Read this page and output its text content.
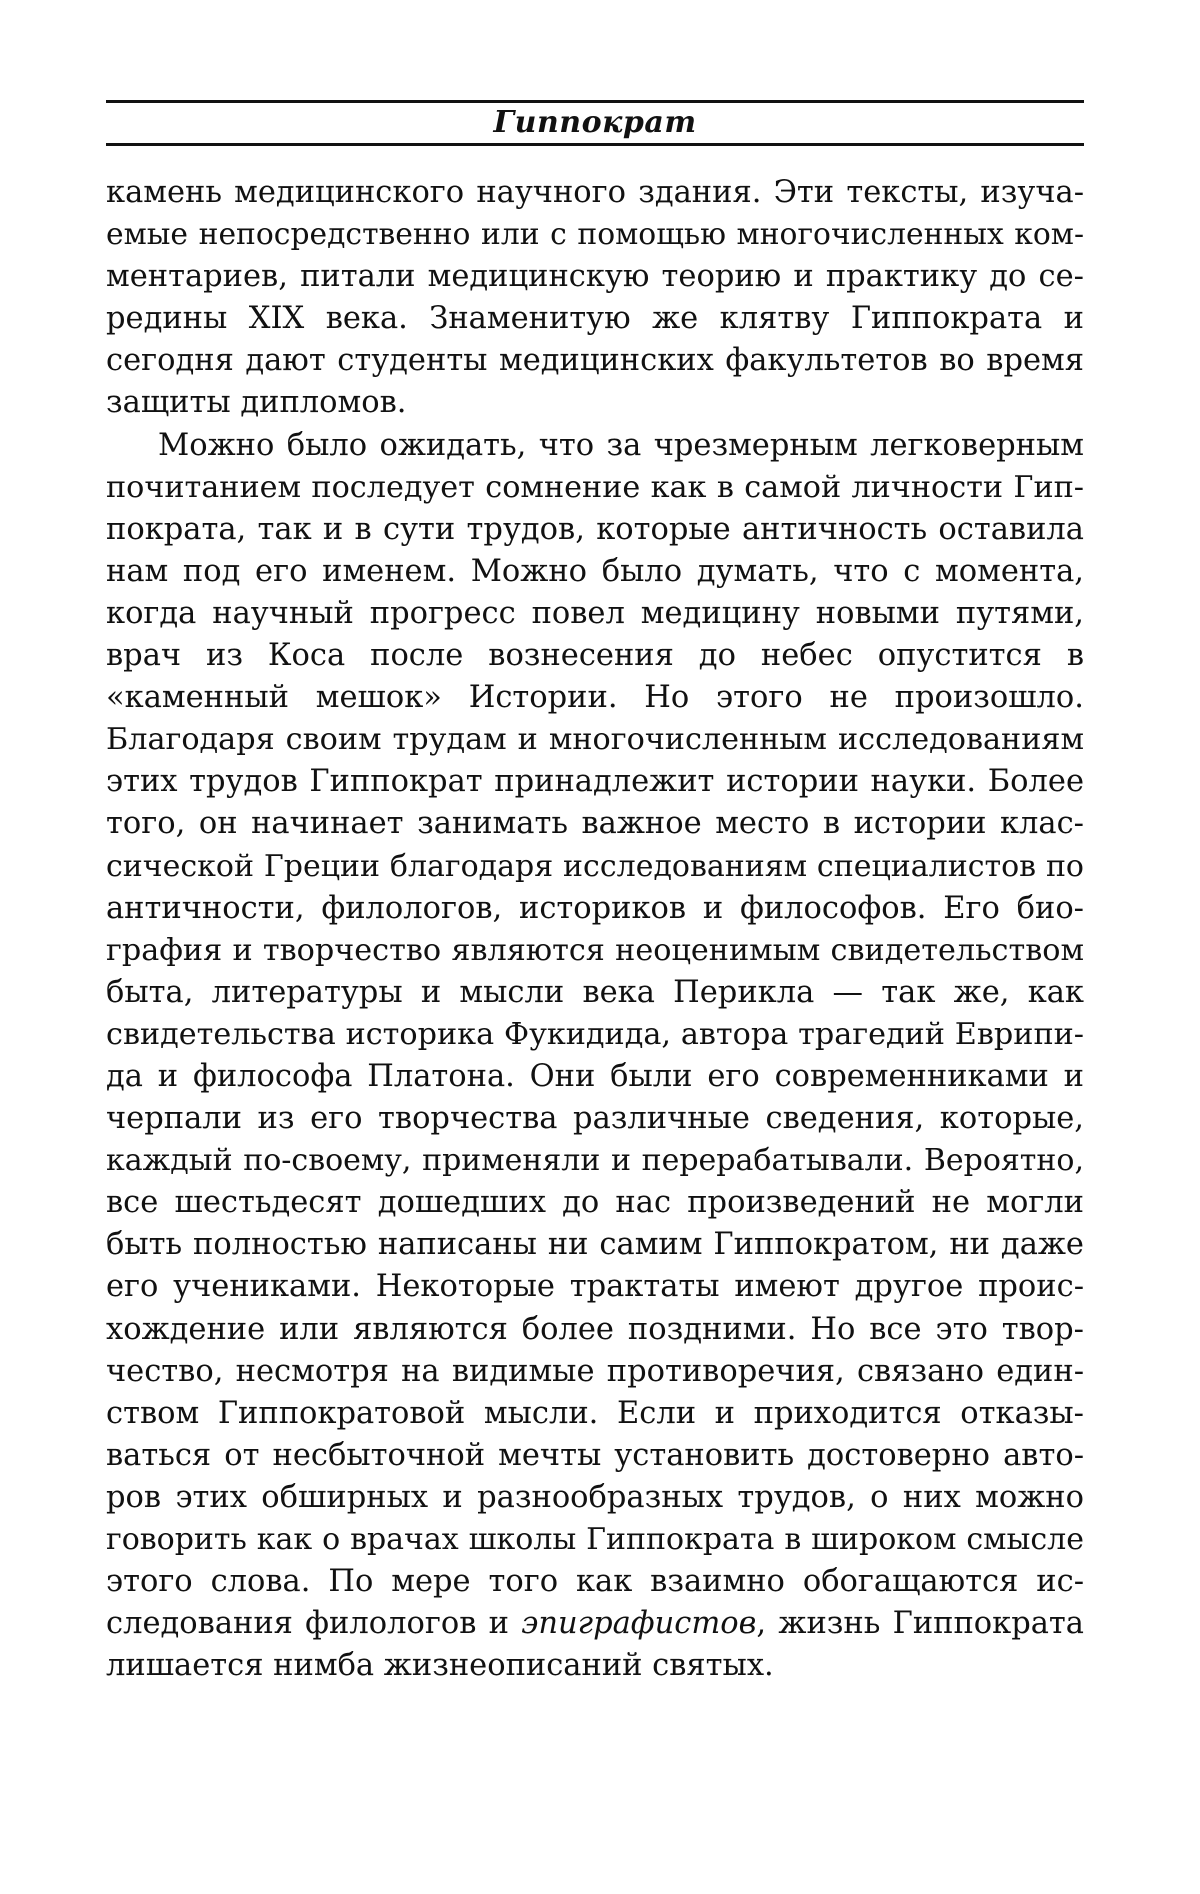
Гиппократ
камень медицинского научного здания. Эти тексты, изуча-
емые непосредственно или с помощью многочисленных ком-
ментариев, питали медицинскую теорию и практику до се-
редины XIX века. Знаменитую же клятву Гиппократа и
сегодня дают студенты медицинских факультетов во время
защиты дипломов.
Можно было ожидать, что за чрезмерным легковерным
почитанием последует сомнение как в самой личности Гип-
пократа, так и в сути трудов, которые античность оставила
нам под его именем. Можно было думать, что с момента,
когда научный прогресс повел медицину новыми путями,
врач из Коса после вознесения до небес опустится в
«каменный мешок» Истории. Но этого не произошло.
Благодаря своим трудам и многочисленным исследованиям
этих трудов Гиппократ принадлежит истории науки. Более
того, он начинает занимать важное место в истории клас-
сической Греции благодаря исследованиям специалистов по
античности, филологов, историков и философов. Его био-
графия и творчество являются неоценимым свидетельством
быта, литературы и мысли века Перикла — так же, как
свидетельства историка Фукидида, автора трагедий Еврипи-
да и философа Платона. Они были его современниками и
черпали из его творчества различные сведения, которые,
каждый по-своему, применяли и перерабатывали. Вероятно,
все шестьдесят дошедших до нас произведений не могли
быть полностью написаны ни самим Гиппократом, ни даже
его учениками. Некоторые трактаты имеют другое проис-
хождение или являются более поздними. Но все это твор-
чество, несмотря на видимые противоречия, связано един-
ством Гиппократовой мысли. Если и приходится отказы-
ваться от несбыточной мечты установить достоверно авто-
ров этих обширных и разнообразных трудов, о них можно
говорить как о врачах школы Гиппократа в широком смысле
этого слова. По мере того как взаимно обогащаются ис-
следования филологов и эпиграфистов, жизнь Гиппократа
лишается нимба жизнеописаний святых.
